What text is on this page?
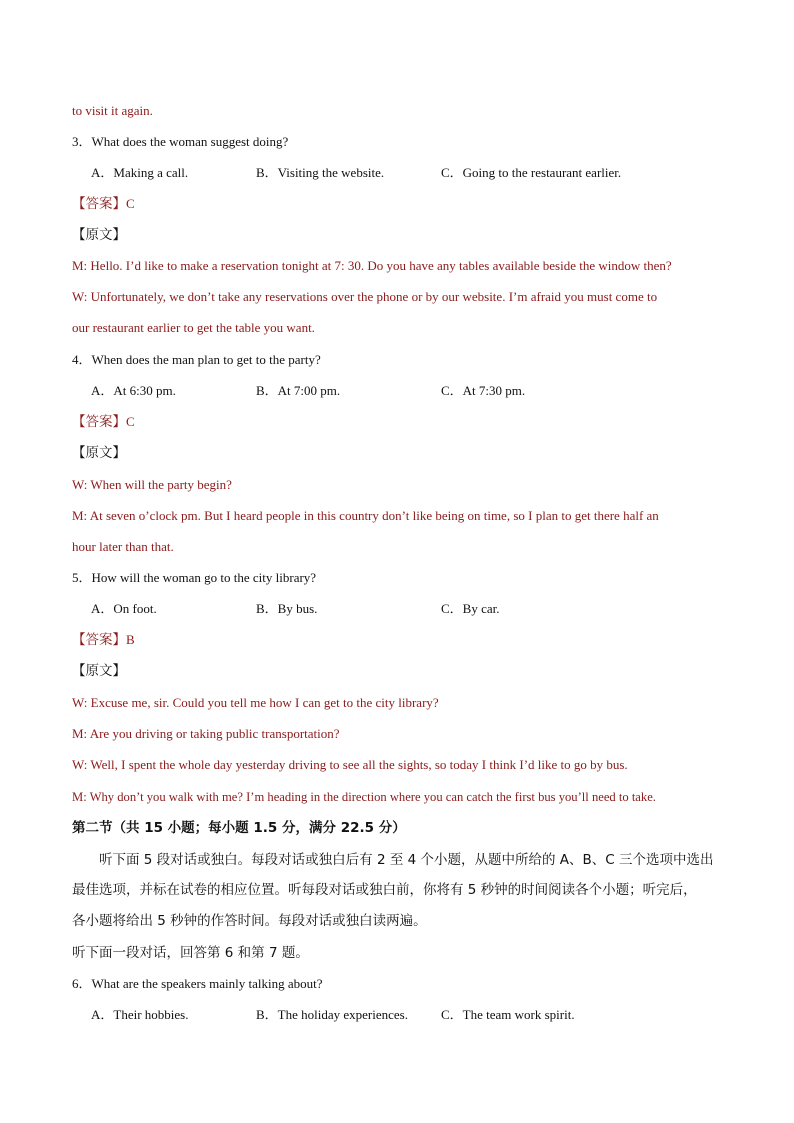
to visit it again.
3．What does the woman suggest doing?
A．Making a call.	B．Visiting the website.	C．Going to the restaurant earlier.
【答案】C
【原文】
M: Hello. I’d like to make a reservation tonight at 7: 30. Do you have any tables available beside the window then?
W: Unfortunately, we don’t take any reservations over the phone or by our website. I’m afraid you must come to
our restaurant earlier to get the table you want.
4．When does the man plan to get to the party?
A．At 6:30 pm.	B．At 7:00 pm.	C．At 7:30 pm.
【答案】C
【原文】
W: When will the party begin?
M: At seven o’clock pm. But I heard people in this country don’t like being on time, so I plan to get there half an
hour later than that.
5．How will the woman go to the city library?
A．On foot.	B．By bus.	C．By car.
【答案】B
【原文】
W: Excuse me, sir. Could you tell me how I can get to the city library?
M: Are you driving or taking public transportation?
W: Well, I spent the whole day yesterday driving to see all the sights, so today I think I’d like to go by bus.
M: Why don’t you walk with me? I’m heading in the direction where you can catch the first bus you’ll need to take.
第二节（共 15 小题；每小题 1.5 分，满分 22.5 分）
听下面 5 段对话或独白。每段对话或独白后有 2 至 4 个小题，从题中所给的 A、B、C 三个选项中选出
最佳选项，并标在试卷的相应位置。听每段对话或独白前，你将有 5 秒钟的时间阅读各个小题；听完后，
各小题将给出 5 秒钟的作答时间。每段对话或独白读两遍。
听下面一段对话，回答第 6 和第 7 题。
6．What are the speakers mainly talking about?
A．Their hobbies.	B．The holiday experiences.	C．The team work spirit.
